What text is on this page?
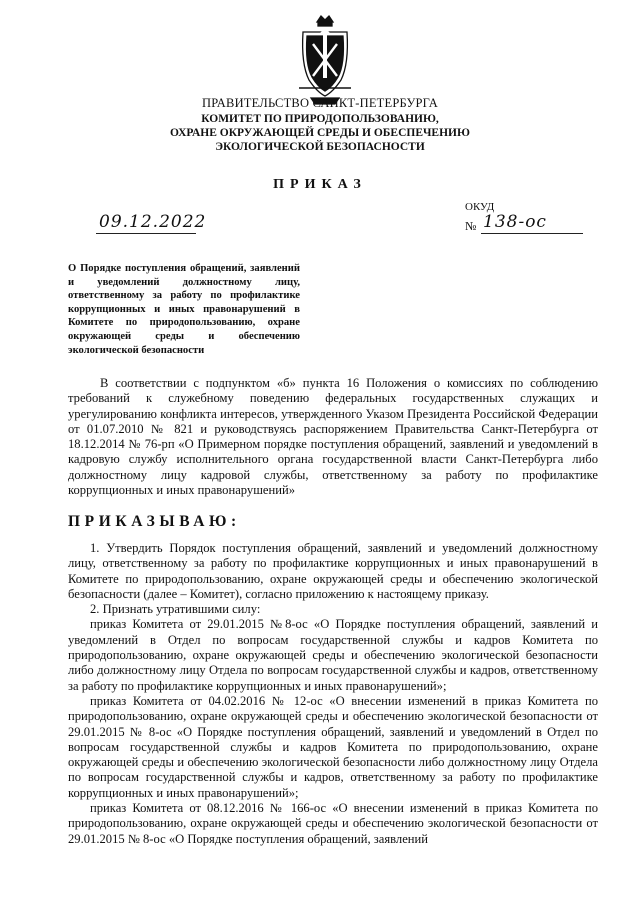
ПРАВИТЕЛЬСТВО САНКТ-ПЕТЕРБУРГА
КОМИТЕТ ПО ПРИРОДОПОЛЬЗОВАНИЮ,
ОХРАНЕ ОКРУЖАЮЩЕЙ СРЕДЫ И ОБЕСПЕЧЕНИЮ
ЭКОЛОГИЧЕСКОЙ БЕЗОПАСНОСТИ
ПРИКАЗ
09.12.2022
ОКУД
№ 138-ос
О Порядке поступления обращений, заявлений и уведомлений должностному лицу, ответственному за работу по профилактике коррупционных и иных правонарушений в Комитете по природопользованию, охране окружающей среды и обеспечению экологической безопасности
В соответствии с подпунктом «б» пункта 16 Положения о комиссиях по соблюдению требований к служебному поведению федеральных государственных служащих и урегулированию конфликта интересов, утвержденного Указом Президента Российской Федерации от 01.07.2010 № 821 и руководствуясь распоряжением Правительства Санкт-Петербурга от 18.12.2014 № 76-рп «О Примерном порядке поступления обращений, заявлений и уведомлений в кадровую службу исполнительного органа государственной власти Санкт-Петербурга либо должностному лицу кадровой службы, ответственному за работу по профилактике коррупционных и иных правонарушений»
ПРИКАЗЫВАЮ:

1. Утвердить Порядок поступления обращений, заявлений и уведомлений должностному лицу, ответственному за работу по профилактике коррупционных и иных правонарушений в Комитете по природопользованию, охране окружающей среды и обеспечению экологической безопасности (далее – Комитет), согласно приложению к настоящему приказу.

2. Признать утратившими силу:

приказ Комитета от 29.01.2015 №8-ос «О Порядке поступления обращений, заявлений и уведомлений в Отдел по вопросам государственной службы и кадров Комитета по природопользованию, охране окружающей среды и обеспечению экологической безопасности либо должностному лицу Отдела по вопросам государственной службы и кадров, ответственному за работу по профилактике коррупционных и иных правонарушений»;

приказ Комитета от 04.02.2016 № 12-ос «О внесении изменений в приказ Комитета по природопользованию, охране окружающей среды и обеспечению экологической безопасности от 29.01.2015 № 8-ос «О Порядке поступления обращений, заявлений и уведомлений в Отдел по вопросам государственной службы и кадров Комитета по природопользованию, охране окружающей среды и обеспечению экологической безопасности либо должностному лицу Отдела по вопросам государственной службы и кадров, ответственному за работу по профилактике коррупционных и иных правонарушений»;

приказ Комитета от 08.12.2016 № 166-ос «О внесении изменений в приказ Комитета по природопользованию, охране окружающей среды и обеспечению экологической безопасности от 29.01.2015 № 8-ос «О Порядке поступления обращений, заявлений
